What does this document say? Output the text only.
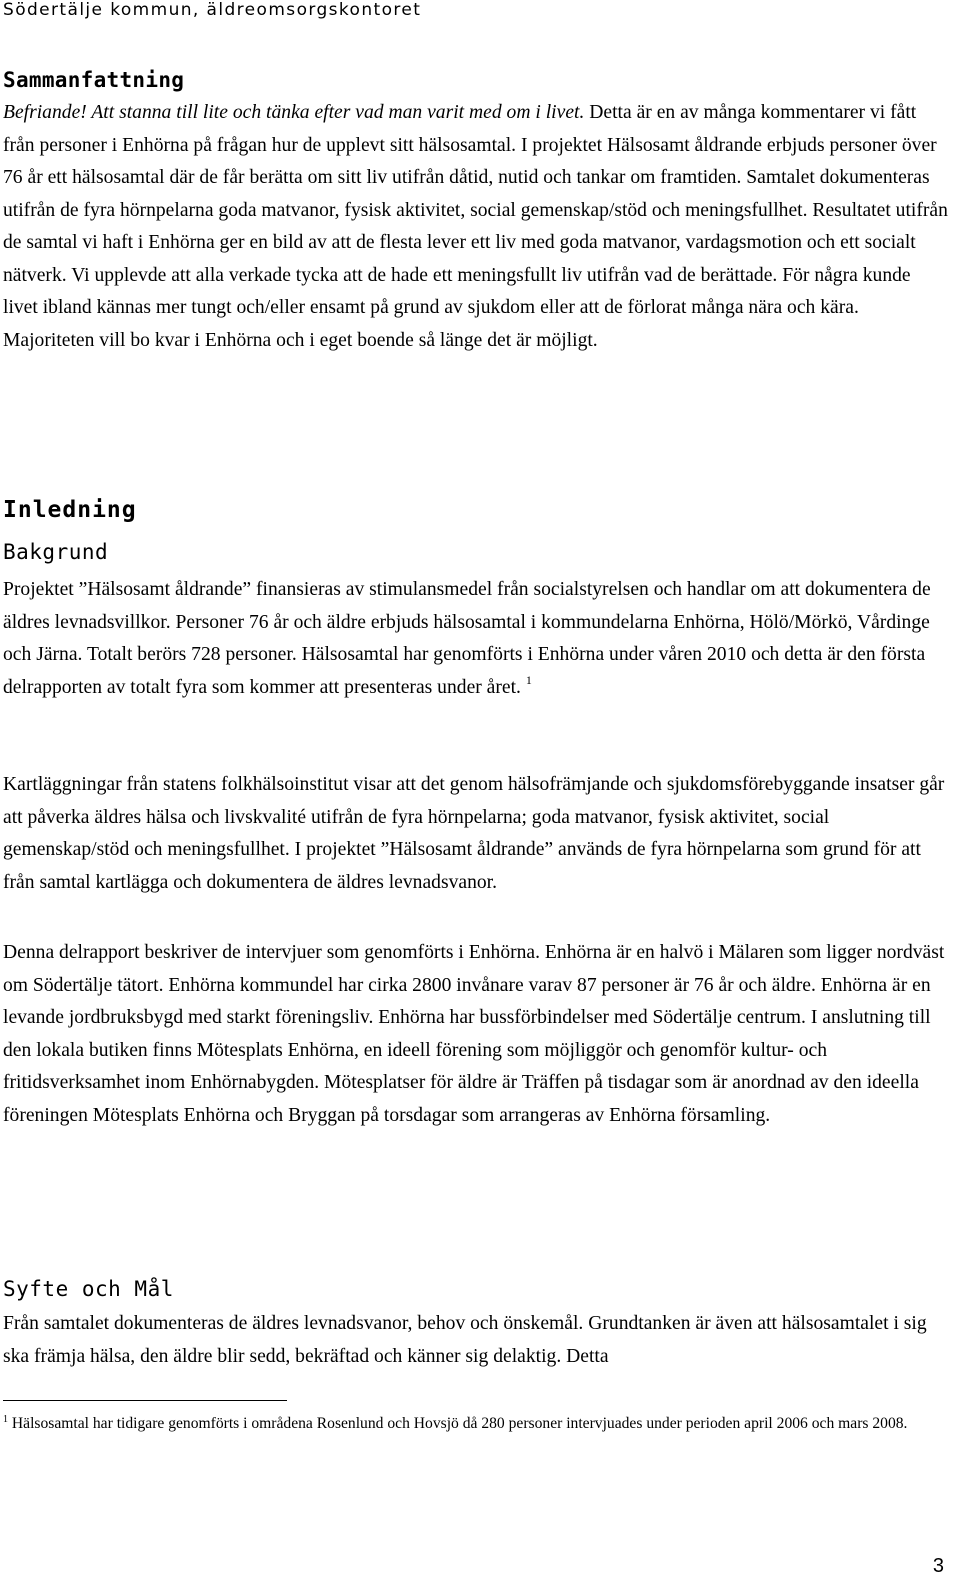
Södertälje kommun, äldreomsorgskontoret
Sammanfattning

Befriande! Att stanna till lite och tänka efter vad man varit med om i livet. Detta är en av många kommentarer vi fått från personer i Enhörna på frågan hur de upplevt sitt hälsosamtal. I projektet Hälsosamt åldrande erbjuds personer över 76 år ett hälsosamtal där de får berätta om sitt liv utifrån dåtid, nutid och tankar om framtiden. Samtalet dokumenteras utifrån de fyra hörnpelarna goda matvanor, fysisk aktivitet, social gemenskap/stöd och meningsfullhet. Resultatet utifrån de samtal vi haft i Enhörna ger en bild av att de flesta lever ett liv med goda matvanor, vardagsmotion och ett socialt nätverk. Vi upplevde att alla verkade tycka att de hade ett meningsfullt liv utifrån vad de berättade. För några kunde livet ibland kännas mer tungt och/eller ensamt på grund av sjukdom eller att de förlorat många nära och kära. Majoriteten vill bo kvar i Enhörna och i eget boende så länge det är möjligt.

Inledning
Bakgrund

Projektet ”Hälsosamt åldrande” finansieras av stimulansmedel från socialstyrelsen och handlar om att dokumentera de äldres levnadsvillkor. Personer 76 år och äldre erbjuds hälsosamtal i kommundelarna Enhörna, Hölö/Mörkö, Vårdinge och Järna. Totalt berörs 728 personer. Hälsosamtal har genomförts i Enhörna under våren 2010 och detta är den första delrapporten av totalt fyra som kommer att presenteras under året. $^1$

Kartläggningar från statens folkhälsoinstitut visar att det genom hälsofrämjande och sjukdomsförebyggande insatser går att påverka äldres hälsa och livskvalité utifrån de fyra hörnpelarna; goda matvanor, fysisk aktivitet, social gemenskap/stöd och meningsfullhet. I projektet ”Hälsosamt åldrande” används de fyra hörnpelarna som grund för att från samtal kartlägga och dokumentera de äldres levnadsvanor.

Denna delrapport beskriver de intervjuer som genomförts i Enhörna. Enhörna är en halvö i Mälaren som ligger nordväst om Södertälje tätort. Enhörna kommundel har cirka 2800 invånare varav 87 personer är 76 år och äldre. Enhörna är en levande jordbruksbygd med starkt föreningsliv. Enhörna har bussförbindelser med Södertälje centrum. I anslutning till den lokala butiken finns Mötesplats Enhörna, en ideell förening som möjliggör och genomför kultur- och fritidsverksamhet inom Enhörnabygden. Mötesplatser för äldre är Träffen på tisdagar som är anordnad av den ideella föreningen Mötesplats Enhörna och Bryggan på torsdagar som arrangeras av Enhörna församling.

Syfte och Mål

Från samtalet dokumenteras de äldres levnadsvanor, behov och önskemål. Grundtanken är även att hälsosamtalet i sig ska främja hälsa, den äldre blir sedd, bekräftad och känner sig delaktig. Detta

$^1$ Hälsosamtal har tidigare genomförts i områdena Rosenlund och Hovsjö då 280 personer intervjuades under perioden april 2006 och mars 2008.

3
